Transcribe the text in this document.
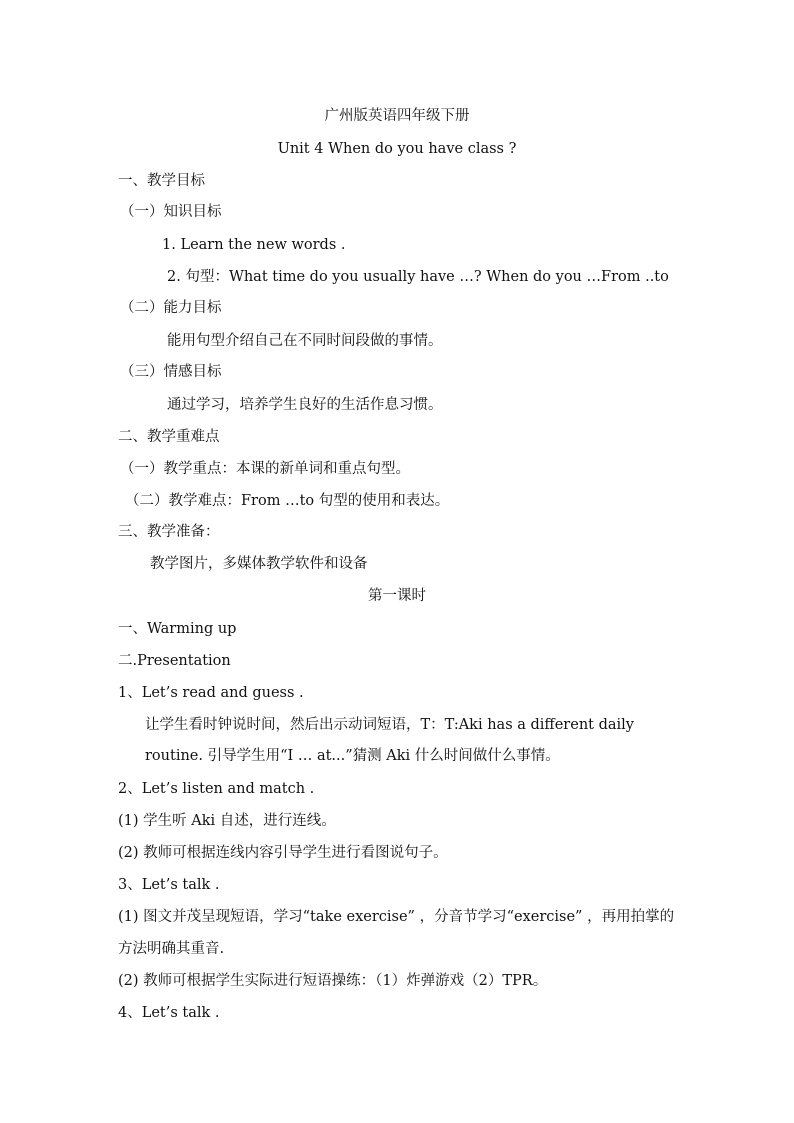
广州版英语四年级下册
Unit 4 When do you have class ?
一、教学目标
（一）知识目标
1. Learn the new words .
2. 句型：What time do you usually have …? When do you …From ..to
（二）能力目标
能用句型介绍自己在不同时间段做的事情。
（三）情感目标
通过学习，培养学生良好的生活作息习惯。
二、教学重难点
（一）教学重点：本课的新单词和重点句型。
（二）教学难点：From …to 句型的使用和表达。
三、教学准备：
教学图片，多媒体教学软件和设备
第一课时
一、Warming up
二.Presentation
1、Let’s read and guess .
让学生看时钟说时间，然后出示动词短语，T：T:Aki has a different daily
routine. 引导学生用“I … at...”猜测 Aki 什么时间做什么事情。
2、Let’s listen and match .
(1) 学生听 Aki 自述，进行连线。
(2) 教师可根据连线内容引导学生进行看图说句子。
3、Let’s talk .
(1) 图文并茂呈现短语，学习“take exercise” ，分音节学习“exercise” ，再用拍掌的
方法明确其重音.
(2) 教师可根据学生实际进行短语操练：（1）炸弹游戏（2）TPR。
4、Let’s talk .
